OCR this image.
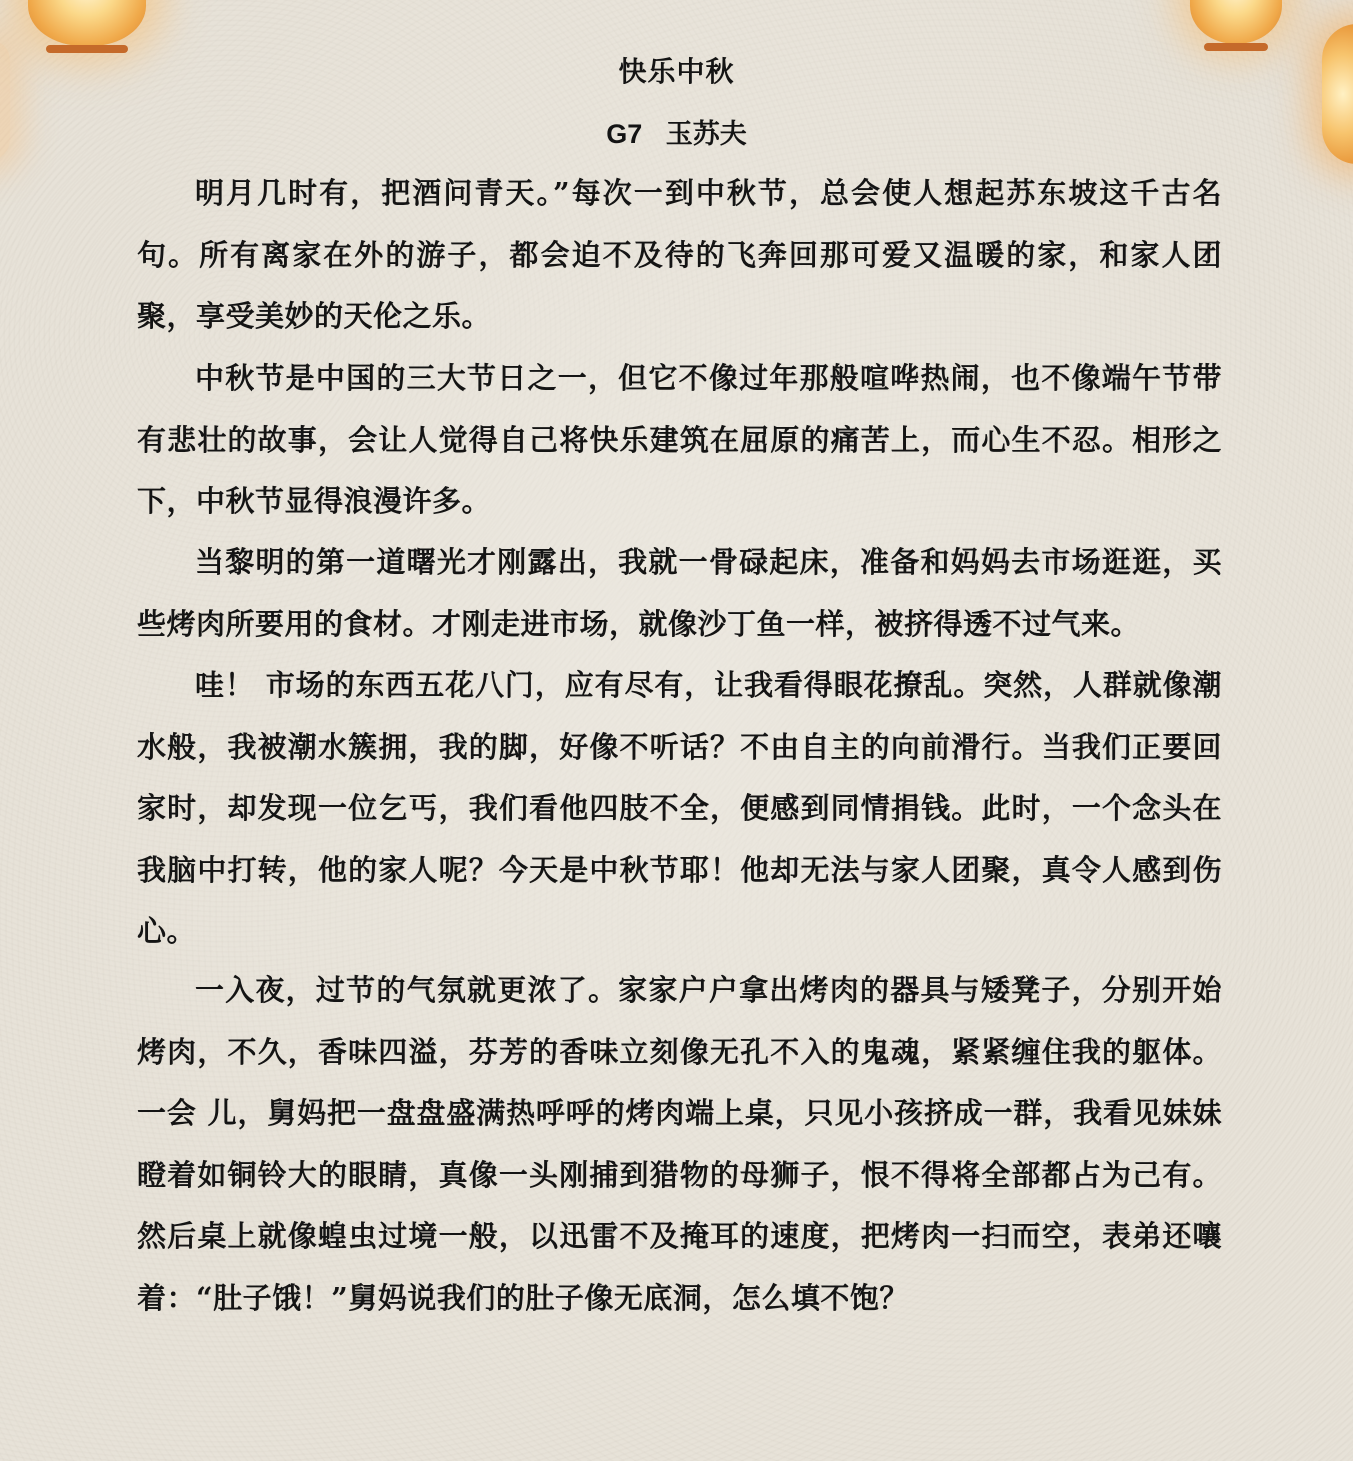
快乐中秋
G7 玉苏夫

明月几时有，把酒问青天。”每次一到中秋节，总会使人想起苏东坡这千古名句。所有离家在外的游子，都会迫不及待的飞奔回那可爱又温暖的家，和家人团聚，享受美妙的天伦之乐。

中秋节是中国的三大节日之一，但它不像过年那般喧哗热闹，也不像端午节带有悲壮的故事，会让人觉得自己将快乐建筑在屈原的痛苦上，而心生不忍。相形之下，中秋节显得浪漫许多。

当黎明的第一道曙光才刚露出，我就一骨碌起床，准备和妈妈去市场逛逛，买些烤肉所要用的食材。才刚走进市场，就像沙丁鱼一样，被挤得透不过气来。

哇！ 市场的东西五花八门，应有尽有，让我看得眼花撩乱。突然，人群就像潮水般，我被潮水簇拥，我的脚，好像不听话？不由自主的向前滑行。当我们正要回家时，却发现一位乞丐，我们看他四肢不全，便感到同情捐钱。此时，一个念头在我脑中打转，他的家人呢？今天是中秋节耶！他却无法与家人团聚，真令人感到伤心。

一入夜，过节的气氛就更浓了。家家户户拿出烤肉的器具与矮凳子，分别开始烤肉，不久，香味四溢，芬芳的香味立刻像无孔不入的鬼魂，紧紧缠住我的躯体。一会 儿，舅妈把一盘盘盛满热呼呼的烤肉端上桌，只见小孩挤成一群，我看见妹妹瞪着如铜铃大的眼睛，真像一头刚捕到猎物的母狮子，恨不得将全部都占为己有。然后桌上就像蝗虫过境一般，以迅雷不及掩耳的速度，把烤肉一扫而空，表弟还嚷着：“肚子饿！”舅妈说我们的肚子像无底洞，怎么填不饱？
